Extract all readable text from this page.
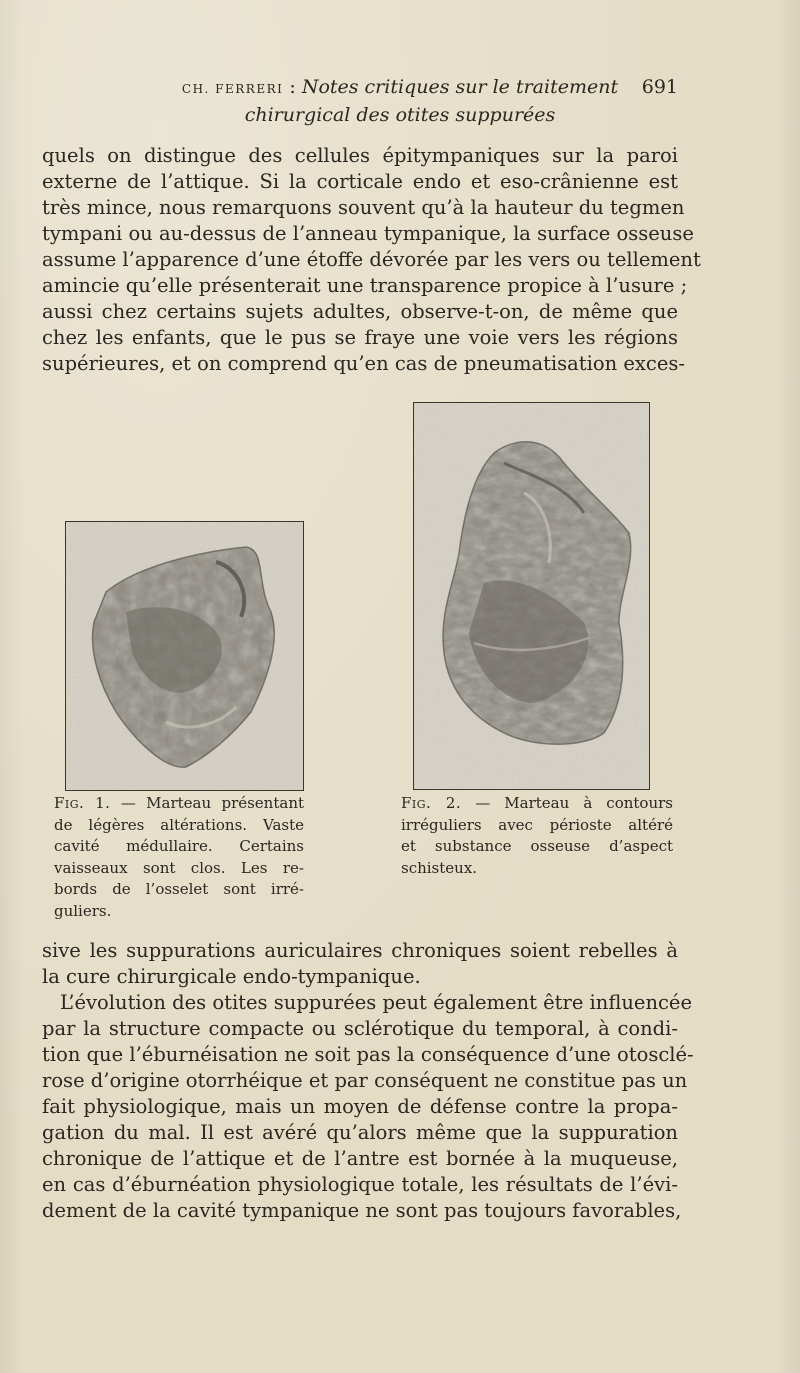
CH. FERRERI : Notes critiques sur le traitement 691
chirurgical des otites suppurées
quels on distingue des cellules épitympaniques sur la paroi
externe de l’attique. Si la corticale endo et eso-crânienne est
très mince, nous remarquons souvent qu’à la hauteur du tegmen
tympani ou au-dessus de l’anneau tympanique, la surface osseuse
assume l’apparence d’une étoffe dévorée par les vers ou tellement
amincie qu’elle présenterait une transparence propice à l’usure ;
aussi chez certains sujets adultes, observe-t-on, de même que
chez les enfants, que le pus se fraye une voie vers les régions
supérieures, et on comprend qu’en cas de pneumatisation exces-
Fig. 1. — Marteau présentant
de légères altérations. Vaste
cavité médullaire. Certains
vaisseaux sont clos. Les re-
bords de l’osselet sont irré-
guliers.
Fig. 2. — Marteau à contours
irréguliers avec périoste altéré
et substance osseuse d’aspect
schisteux.
sive les suppurations auriculaires chroniques soient rebelles à
la cure chirurgicale endo-tympanique.
L’évolution des otites suppurées peut également être influencée
par la structure compacte ou sclérotique du temporal, à condi-
tion que l’éburnéisation ne soit pas la conséquence d’une otosclé-
rose d’origine otorrhéique et par conséquent ne constitue pas un
fait physiologique, mais un moyen de défense contre la propa-
gation du mal. Il est avéré qu’alors même que la suppuration
chronique de l’attique et de l’antre est bornée à la muqueuse,
en cas d’éburnéation physiologique totale, les résultats de l’évi-
dement de la cavité tympanique ne sont pas toujours favorables,
